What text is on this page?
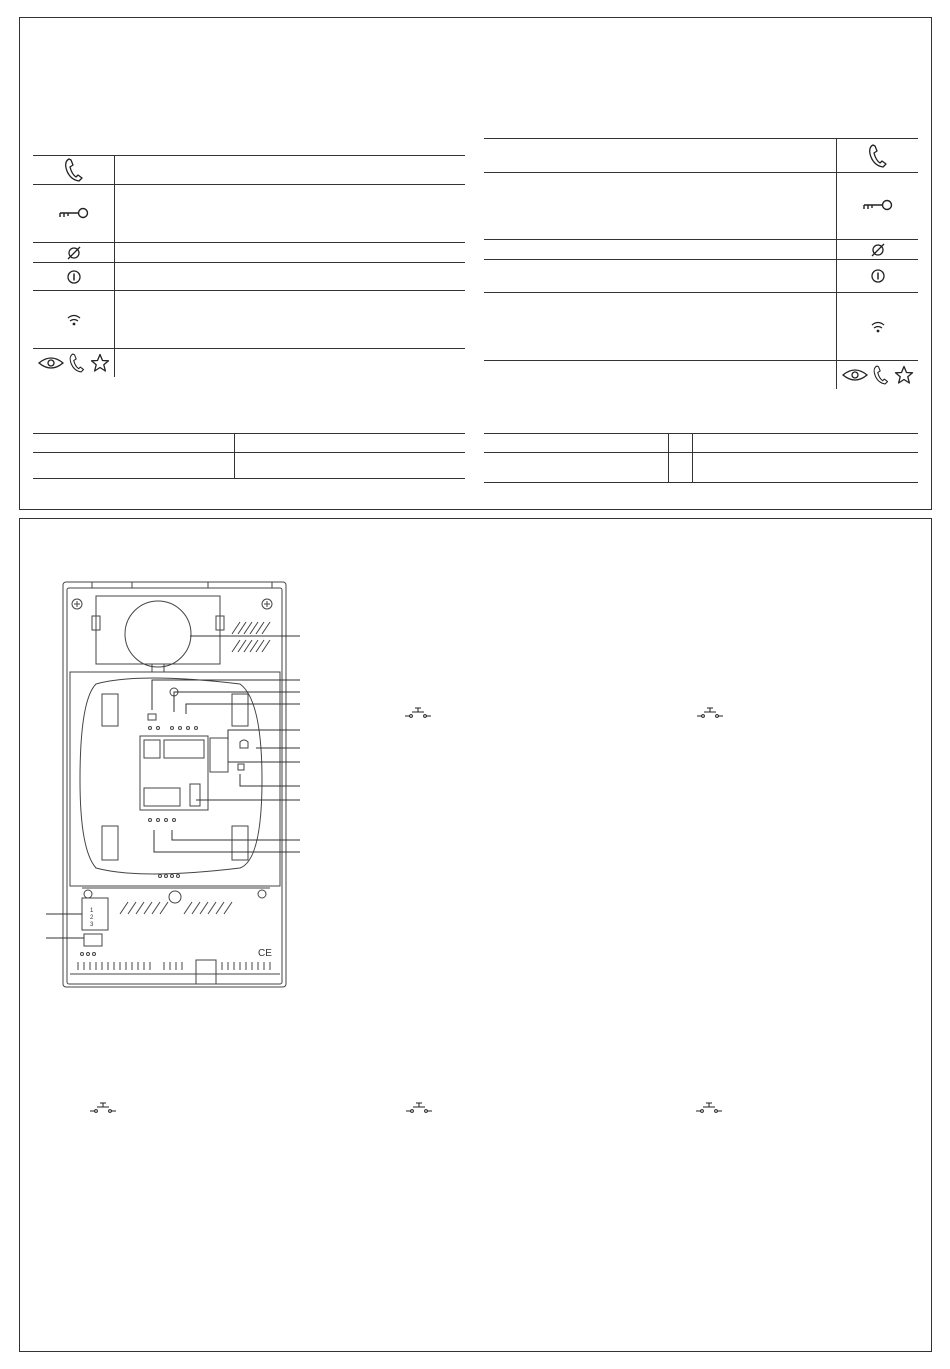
1
2
3
CE
